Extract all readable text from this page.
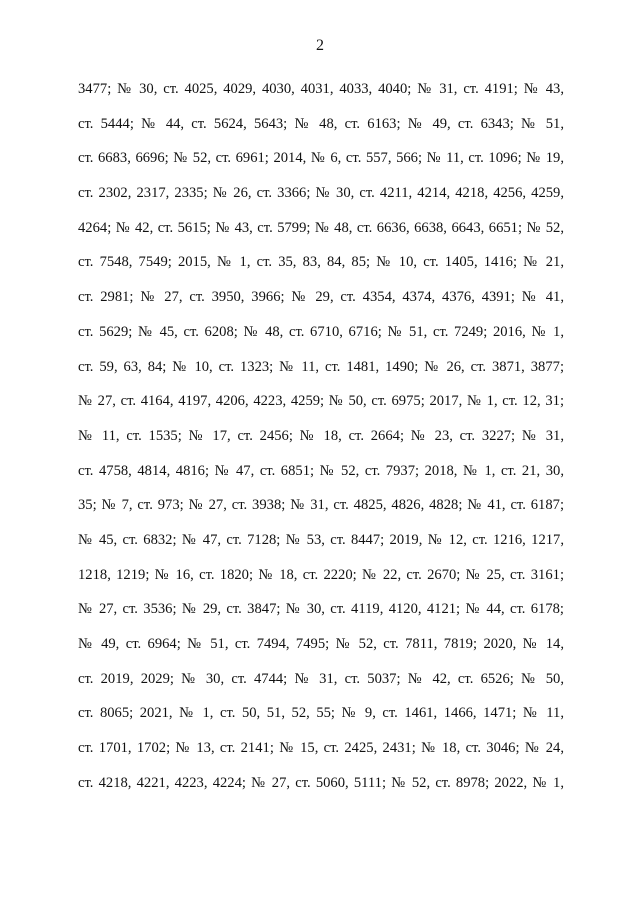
2
3477; № 30, ст. 4025, 4029, 4030, 4031, 4033, 4040; № 31, ст. 4191; № 43,
ст. 5444; № 44, ст. 5624, 5643; № 48, ст. 6163; № 49, ст. 6343; № 51,
ст. 6683, 6696; № 52, ст. 6961; 2014, № 6, ст. 557, 566; № 11, ст. 1096; № 19,
ст. 2302, 2317, 2335; № 26, ст. 3366; № 30, ст. 4211, 4214, 4218, 4256, 4259,
4264; № 42, ст. 5615; № 43, ст. 5799; № 48, ст. 6636, 6638, 6643, 6651; № 52,
ст. 7548, 7549; 2015, № 1, ст. 35, 83, 84, 85; № 10, ст. 1405, 1416; № 21,
ст. 2981; № 27, ст. 3950, 3966; № 29, ст. 4354, 4374, 4376, 4391; № 41,
ст. 5629; № 45, ст. 6208; № 48, ст. 6710, 6716; № 51, ст. 7249; 2016, № 1,
ст. 59, 63, 84; № 10, ст. 1323; № 11, ст. 1481, 1490; № 26, ст. 3871, 3877;
№ 27, ст. 4164, 4197, 4206, 4223, 4259; № 50, ст. 6975; 2017, № 1, ст. 12, 31;
№ 11, ст. 1535; № 17, ст. 2456; № 18, ст. 2664; № 23, ст. 3227; № 31,
ст. 4758, 4814, 4816; № 47, ст. 6851; № 52, ст. 7937; 2018, № 1, ст. 21, 30,
35; № 7, ст. 973; № 27, ст. 3938; № 31, ст. 4825, 4826, 4828; № 41, ст. 6187;
№ 45, ст. 6832; № 47, ст. 7128; № 53, ст. 8447; 2019, № 12, ст. 1216, 1217,
1218, 1219; № 16, ст. 1820; № 18, ст. 2220; № 22, ст. 2670; № 25, ст. 3161;
№ 27, ст. 3536; № 29, ст. 3847; № 30, ст. 4119, 4120, 4121; № 44, ст. 6178;
№ 49, ст. 6964; № 51, ст. 7494, 7495; № 52, ст. 7811, 7819; 2020, № 14,
ст. 2019, 2029; № 30, ст. 4744; № 31, ст. 5037; № 42, ст. 6526; № 50,
ст. 8065; 2021, № 1, ст. 50, 51, 52, 55; № 9, ст. 1461, 1466, 1471; № 11,
ст. 1701, 1702; № 13, ст. 2141; № 15, ст. 2425, 2431; № 18, ст. 3046; № 24,
ст. 4218, 4221, 4223, 4224; № 27, ст. 5060, 5111; № 52, ст. 8978; 2022, № 1,
